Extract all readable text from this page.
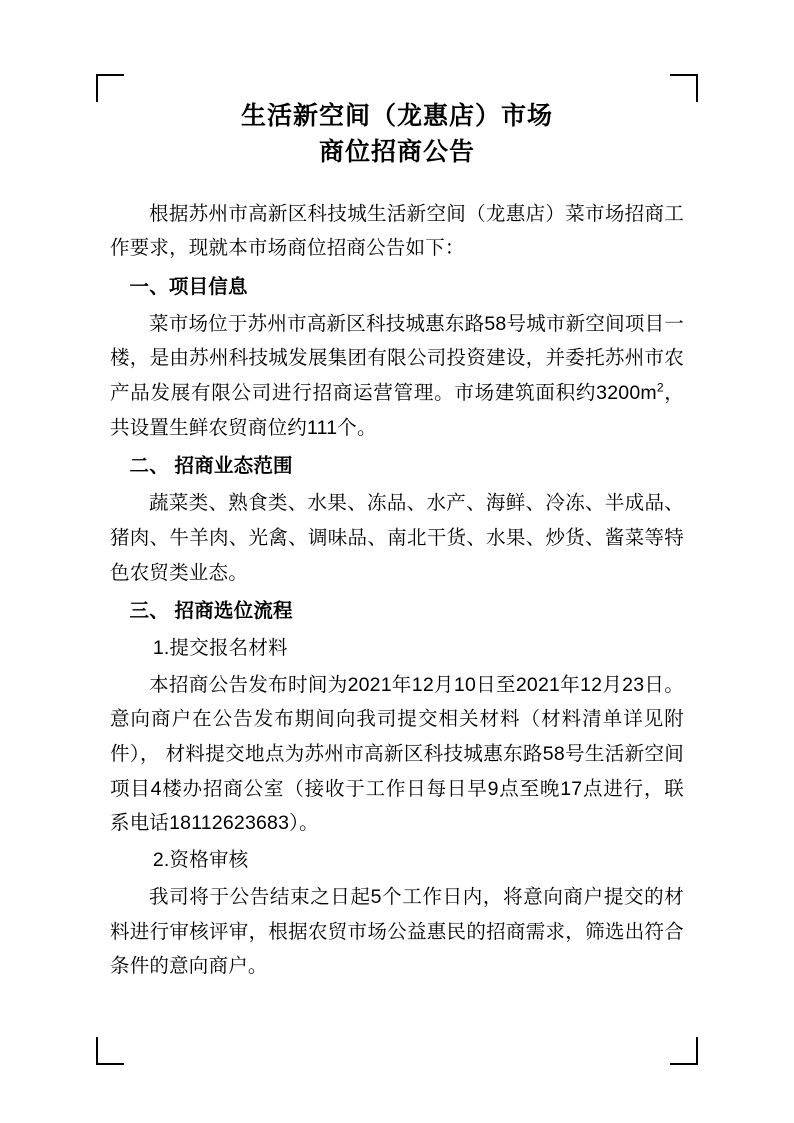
生活新空间（龙惠店）市场
商位招商公告

根据苏州市高新区科技城生活新空间（龙惠店）菜市场招商工作要求，现就本市场商位招商公告如下：

一、项目信息

菜市场位于苏州市高新区科技城惠东路58号城市新空间项目一楼，是由苏州科技城发展集团有限公司投资建设，并委托苏州市农产品发展有限公司进行招商运营管理。市场建筑面积约$3200m^2$，共设置生鲜农贸商位约111个。

二、 招商业态范围

蔬菜类、熟食类、水果、冻品、水产、海鲜、冷冻、半成品、猪肉、牛羊肉、光禽、调味品、南北干货、水果、炒货、酱菜等特色农贸类业态。

三、 招商选位流程

1.提交报名材料

本招商公告发布时间为2021年12月10日至2021年12月23日。意向商户在公告发布期间向我司提交相关材料（材料清单详见附件）， 材料提交地点为苏州市高新区科技城惠东路58号生活新空间项目4楼办招商公室（接收于工作日每日早9点至晚17点进行，联系电话18112623683）。

2.资格审核

我司将于公告结束之日起5个工作日内，将意向商户提交的材料进行审核评审，根据农贸市场公益惠民的招商需求，筛选出符合条件的意向商户。
